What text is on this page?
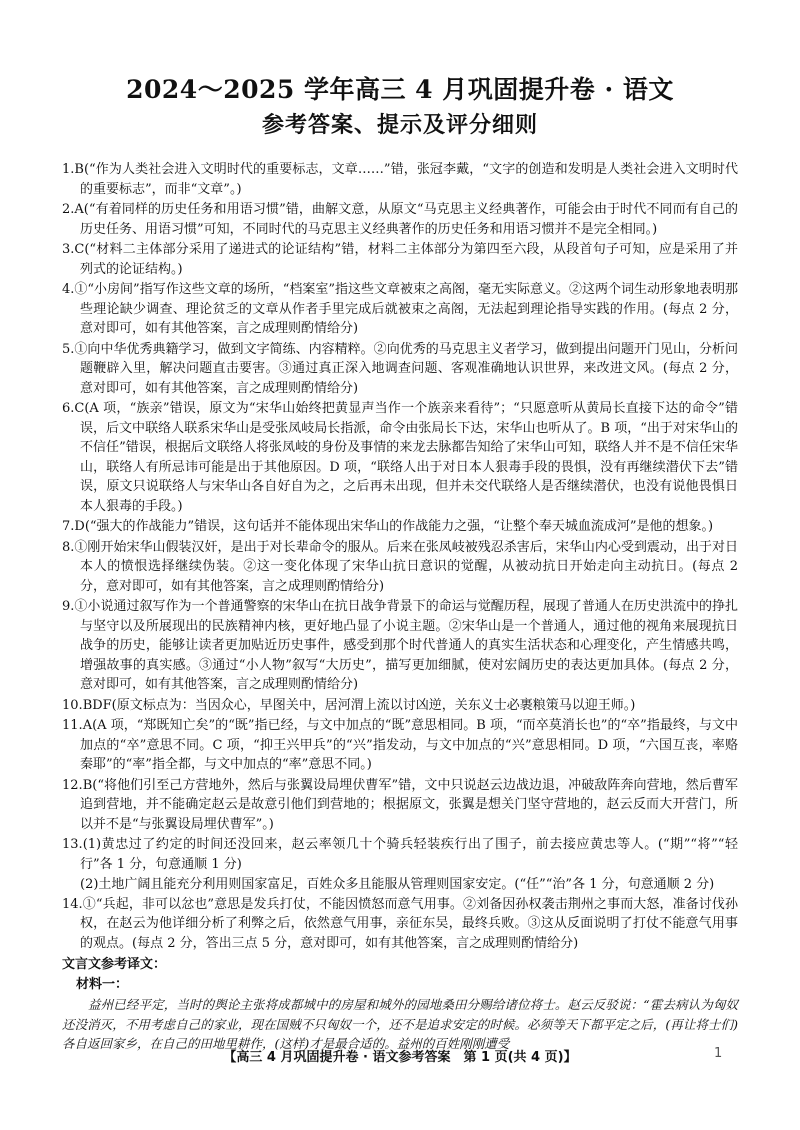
2024～2025 学年高三 4 月巩固提升卷 · 语文
参考答案、提示及评分细则

1.B(“作为人类社会进入文明时代的重要标志，文章……”错，张冠李戴，“文字的创造和发明是人类社会进入文明时代的重要标志”，而非“文章”。)

2.A(“有着同样的历史任务和用语习惯”错，曲解文意，从原文“马克思主义经典著作，可能会由于时代不同而有自己的历史任务、用语习惯”可知，不同时代的马克思主义经典著作的历史任务和用语习惯并不是完全相同。)

3.C(“材料二主体部分采用了递进式的论证结构”错，材料二主体部分为第四至六段，从段首句子可知，应是采用了并列式的论证结构。)

4.①“小房间”指写作这些文章的场所，“档案室”指这些文章被束之高阁，毫无实际意义。②这两个词生动形象地表明那些理论缺少调查、理论贫乏的文章从作者手里完成后就被束之高阁，无法起到理论指导实践的作用。(每点 2 分，意对即可，如有其他答案，言之成理则酌情给分)

5.①向中华优秀典籍学习，做到文字简练、内容精粹。②向优秀的马克思主义者学习，做到提出问题开门见山，分析问题鞭辟入里，解决问题直击要害。③通过真正深入地调查问题、客观准确地认识世界，来改进文风。(每点 2 分，意对即可，如有其他答案，言之成理则酌情给分)

6.C(A 项，“族亲”错误，原文为“宋华山始终把黄显声当作一个族亲来看待”；“只愿意听从黄局长直接下达的命令”错误，后文中联络人联系宋华山是受张凤岐局长指派，命令由张局长下达，宋华山也听从了。B 项，“出于对宋华山的不信任”错误，根据后文联络人将张凤岐的身份及事情的来龙去脉都告知给了宋华山可知，联络人并不是不信任宋华山，联络人有所忌讳可能是出于其他原因。D 项，“联络人出于对日本人狠毒手段的畏惧，没有再继续潜伏下去”错误，原文只说联络人与宋华山各自好自为之，之后再未出现，但并未交代联络人是否继续潜伏，也没有说他畏惧日本人狠毒的手段。)

7.D(“强大的作战能力”错误，这句话并不能体现出宋华山的作战能力之强，“让整个奉天城血流成河”是他的想象。)

8.①刚开始宋华山假装汉奸，是出于对长辈命令的服从。后来在张凤岐被残忍杀害后，宋华山内心受到震动，出于对日本人的愤恨选择继续伪装。②这一变化体现了宋华山抗日意识的觉醒，从被动抗日开始走向主动抗日。(每点 2 分，意对即可，如有其他答案，言之成理则酌情给分)

9.①小说通过叙写作为一个普通警察的宋华山在抗日战争背景下的命运与觉醒历程，展现了普通人在历史洪流中的挣扎与坚守以及所展现出的民族精神内核，更好地凸显了小说主题。②宋华山是一个普通人，通过他的视角来展现抗日战争的历史，能够让读者更加贴近历史事件，感受到那个时代普通人的真实生活状态和心理变化，产生情感共鸣，增强故事的真实感。③通过“小人物”叙写“大历史”，描写更加细腻，使对宏阔历史的表达更加具体。(每点 2 分，意对即可，如有其他答案，言之成理则酌情给分)

10.BDF(原文标点为：当因众心，早图关中，居河渭上流以讨凶逆，关东义士必裹粮策马以迎王师。)

11.A(A 项，“郑既知亡矣”的“既”指已经，与文中加点的“既”意思相同。B 项，“而卒莫消长也”的“卒”指最终，与文中加点的“卒”意思不同。C 项，“抑王兴甲兵”的“兴”指发动，与文中加点的“兴”意思相同。D 项，“六国互丧，率赂秦耶”的“率”指全都，与文中加点的“率”意思不同。)

12.B(“将他们引至己方营地外，然后与张翼设局埋伏曹军”错，文中只说赵云边战边退，冲破敌阵奔向营地，然后曹军追到营地，并不能确定赵云是故意引他们到营地的；根据原文，张翼是想关门坚守营地的，赵云反而大开营门，所以并不是“与张翼设局埋伏曹军”。)

13.(1)黄忠过了约定的时间还没回来，赵云率领几十个骑兵轻装疾行出了围子，前去接应黄忠等人。(“期”“将”“轻行”各 1 分，句意通顺 1 分)

(2)土地广阔且能充分利用则国家富足，百姓众多且能服从管理则国家安定。(“任”“治”各 1 分，句意通顺 2 分)

14.①“兵起，非可以忿也”意思是发兵打仗，不能因愤怒而意气用事。②刘备因孙权袭击荆州之事而大怒，准备讨伐孙权，在赵云为他详细分析了利弊之后，依然意气用事，亲征东吴，最终兵败。③这从反面说明了打仗不能意气用事的观点。(每点 2 分，答出三点 5 分，意对即可，如有其他答案，言之成理则酌情给分)

文言文参考译文：

材料一：

益州已经平定，当时的舆论主张将成都城中的房屋和城外的园地桑田分赐给诸位将士。赵云反驳说：“霍去病认为匈奴还没消灭，不用考虑自己的家业，现在国贼不只匈奴一个，还不是追求安定的时候。必须等天下都平定之后，(再让将士们)各自返回家乡，在自己的田地里耕作，(这样)才是最合适的。益州的百姓刚刚遭受

【高三 4 月巩固提升卷 · 语文参考答案　第 1 页(共 4 页)】	1
